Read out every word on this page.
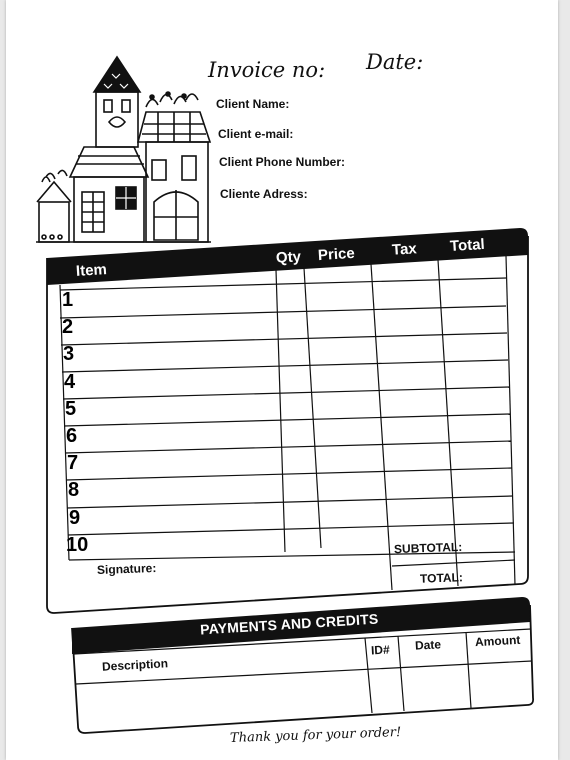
Invoice no: Date:
Client Name:
Client e-mail:
Client Phone Number:
Cliente Adress:
Item
Qty Price Tax Total
1
2
3
4
5
6
7
8
9
10
Signature:
SUBTOTAL:
TOTAL:
PAYMENTS AND CREDITS
Description
ID# Date	Amount
Thank you for your order!
